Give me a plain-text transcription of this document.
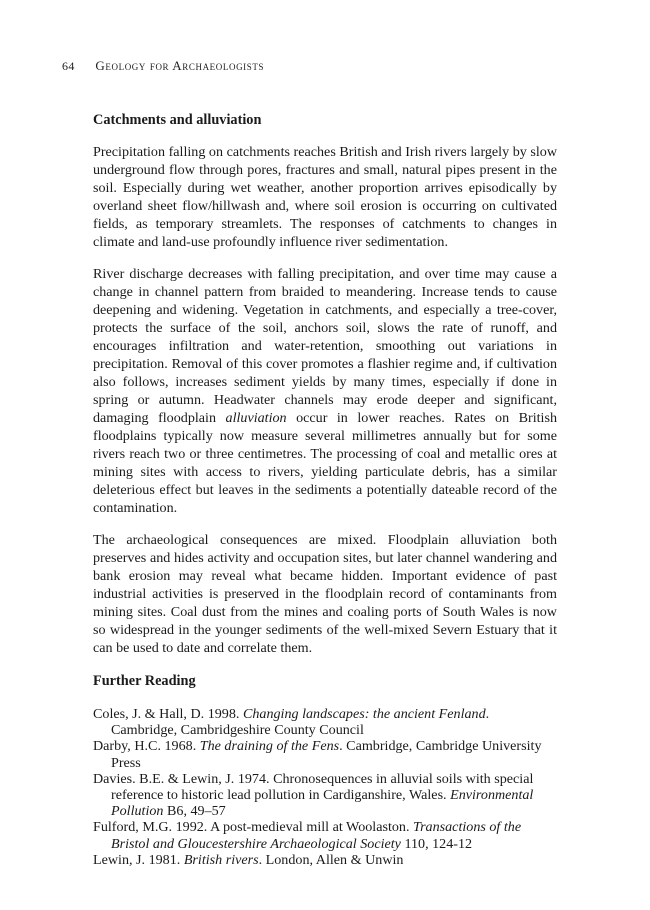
64 Geology for Archaeologists
Catchments and alluviation

Precipitation falling on catchments reaches British and Irish rivers largely by slow underground flow through pores, fractures and small, natural pipes present in the soil. Especially during wet weather, another proportion arrives episodically by overland sheet flow/hillwash and, where soil erosion is occurring on cultivated fields, as temporary streamlets. The responses of catchments to changes in climate and land-use profoundly influence river sedimentation.

River discharge decreases with falling precipitation, and over time may cause a change in channel pattern from braided to meandering. Increase tends to cause deepening and widening. Vegetation in catchments, and especially a tree-cover, protects the surface of the soil, anchors soil, slows the rate of runoff, and encourages infiltration and water-retention, smoothing out variations in precipitation. Removal of this cover promotes a flashier regime and, if cultivation also follows, increases sediment yields by many times, especially if done in spring or autumn. Headwater channels may erode deeper and significant, damaging floodplain alluviation occur in lower reaches. Rates on British floodplains typically now measure several millimetres annually but for some rivers reach two or three centimetres. The processing of coal and metallic ores at mining sites with access to rivers, yielding particulate debris, has a similar deleterious effect but leaves in the sediments a potentially dateable record of the contamination.

The archaeological consequences are mixed. Floodplain alluviation both preserves and hides activity and occupation sites, but later channel wandering and bank erosion may reveal what became hidden. Important evidence of past industrial activities is preserved in the floodplain record of contaminants from mining sites. Coal dust from the mines and coaling ports of South Wales is now so widespread in the younger sediments of the well-mixed Severn Estuary that it can be used to date and correlate them.

Further Reading
Coles, J. & Hall, D. 1998. Changing landscapes: the ancient Fenland. Cambridge, Cambridgeshire County Council
Darby, H.C. 1968. The draining of the Fens. Cambridge, Cambridge University Press
Davies. B.E. & Lewin, J. 1974. Chronosequences in alluvial soils with special reference to historic lead pollution in Cardiganshire, Wales. Environmental Pollution B6, 49–57
Fulford, M.G. 1992. A post-medieval mill at Woolaston. Transactions of the Bristol and Gloucestershire Archaeological Society 110, 124-12
Lewin, J. 1981. British rivers. London, Allen & Unwin
